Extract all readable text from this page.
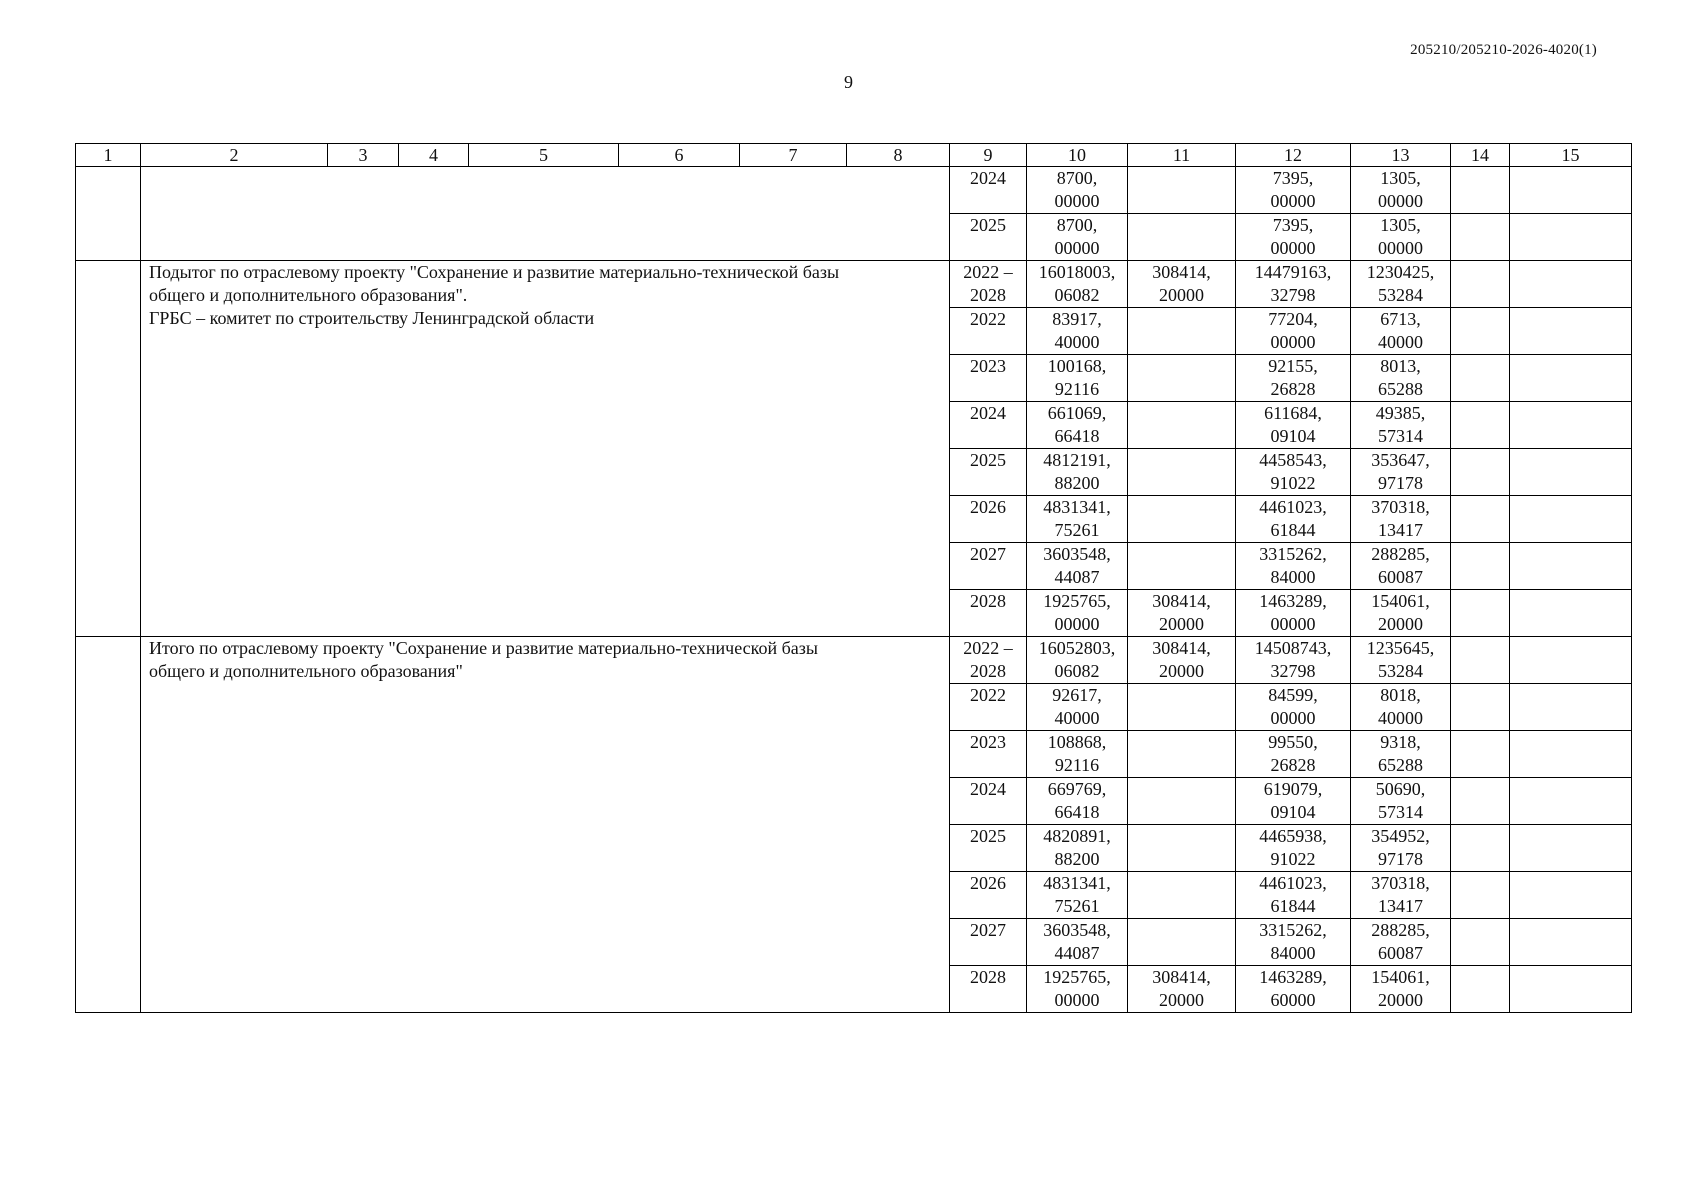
205210/205210-2026-4020(1)
9
1	2	3	4	5	6	7	8	9	10	11	12	13	14	15

								2024	8700,
00000		7395,
00000	1305,
00000		

								2025	8700,
00000		7395,
00000	1305,
00000		

	Подытог по отраслевому проекту "Сохранение и развитие материально-технической базы
общего и дополнительного образования".
ГРБС – комитет по строительству Ленинградской области							2022 –
2028	16018003,
06082	308414,
20000	14479163,
32798	1230425,
53284		

								2022	83917,
40000		77204,
00000	6713,
40000		

								2023	100168,
92116		92155,
26828	8013,
65288		

								2024	661069,
66418		611684,
09104	49385,
57314		

								2025	4812191,
88200		4458543,
91022	353647,
97178		

								2026	4831341,
75261		4461023,
61844	370318,
13417		

								2027	3603548,
44087		3315262,
84000	288285,
60087		

								2028	1925765,
00000	308414,
20000	1463289,
00000	154061,
20000		

	Итого по отраслевому проекту "Сохранение и развитие материально-технической базы
общего и дополнительного образования"							2022 –
2028	16052803,
06082	308414,
20000	14508743,
32798	1235645,
53284		

								2022	92617,
40000		84599,
00000	8018,
40000		

								2023	108868,
92116		99550,
26828	9318,
65288		

								2024	669769,
66418		619079,
09104	50690,
57314		

								2025	4820891,
88200		4465938,
91022	354952,
97178		

								2026	4831341,
75261		4461023,
61844	370318,
13417		

								2027	3603548,
44087		3315262,
84000	288285,
60087		

								2028	1925765,
00000	308414,
20000	1463289,
60000	154061,
20000		
